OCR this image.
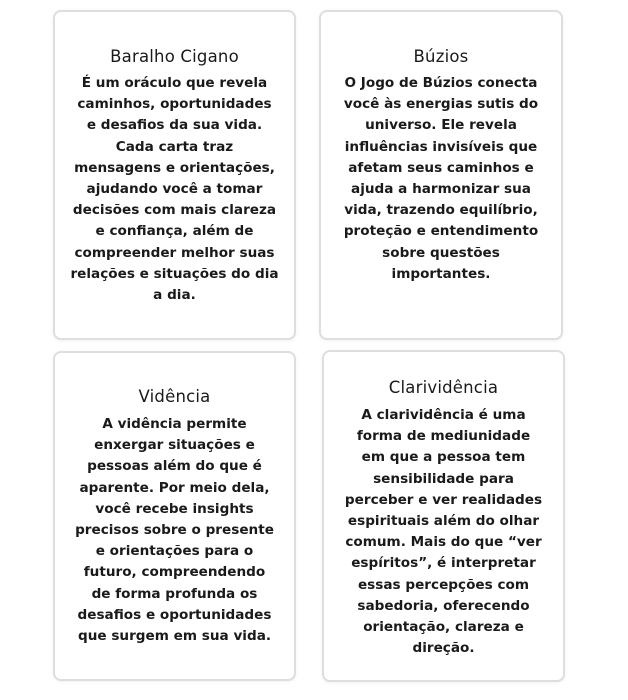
Baralho Cigano

É um oráculo que revela
caminhos, oportunidades
e desafios da sua vida.
Cada carta traz
mensagens e orientações,
ajudando você a tomar
decisões com mais clareza
e confiança, além de
compreender melhor suas
relações e situações do dia
a dia.

Búzios

O Jogo de Búzios conecta
você às energias sutis do
universo. Ele revela
influências invisíveis que
afetam seus caminhos e
ajuda a harmonizar sua
vida, trazendo equilíbrio,
proteção e entendimento
sobre questões
importantes.

Vidência

A vidência permite
enxergar situações e
pessoas além do que é
aparente. Por meio dela,
você recebe insights
precisos sobre o presente
e orientações para o
futuro, compreendendo
de forma profunda os
desafios e oportunidades
que surgem em sua vida.

Clarividência

A clarividência é uma
forma de mediunidade
em que a pessoa tem
sensibilidade para
perceber e ver realidades
espirituais além do olhar
comum. Mais do que “ver
espíritos”, é interpretar
essas percepções com
sabedoria, oferecendo
orientação, clareza e
direção.
